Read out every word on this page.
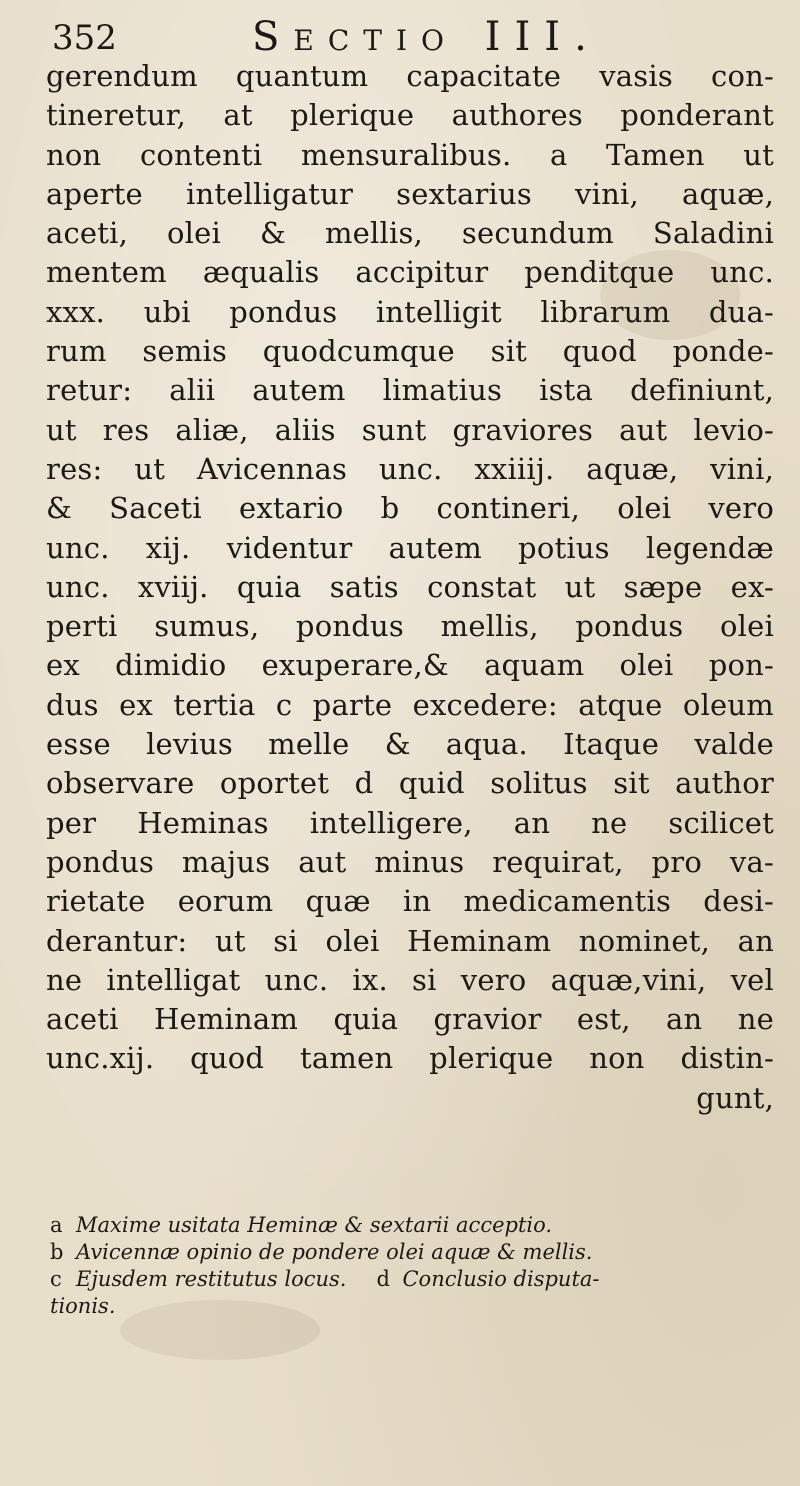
352	Sectio III.
gerendum quantum capacitate vasis con-
tineretur, at plerique authores ponderant
non contenti mensuralibus. a Tamen ut
aperte intelligatur sextarius vini, aquæ,
aceti, olei & mellis, secundum Saladini
mentem æqualis accipitur penditque unc.
xxx. ubi pondus intelligit librarum dua-
rum semis quodcumque sit quod ponde-
retur: alii autem limatius ista definiunt,
ut res aliæ, aliis sunt graviores aut levio-
res: ut Avicennas unc. xxiiij. aquæ, vini,
& Saceti extario b contineri, olei vero
unc. xij. videntur autem potius legendæ
unc. xviij. quia satis constat ut sæpe ex-
perti sumus, pondus mellis, pondus olei
ex dimidio exuperare,& aquam olei pon-
dus ex tertia c parte excedere: atque oleum
esse levius melle & aqua. Itaque valde
observare oportet d quid solitus sit author
per Heminas intelligere, an ne scilicet
pondus majus aut minus requirat, pro va-
rietate eorum quæ in medicamentis desi-
derantur: ut si olei Heminam nominet, an
ne intelligat unc. ix. si vero aquæ,vini, vel
aceti Heminam quia gravior est, an ne
unc.xij. quod tamen plerique non distin-
gunt,
a Maxime usitata Heminæ & sextarii acceptio.
b Avicennæ opinio de pondere olei aquæ & mellis.
c Ejusdem restitutus locus. d Conclusio disputa-
tionis.
